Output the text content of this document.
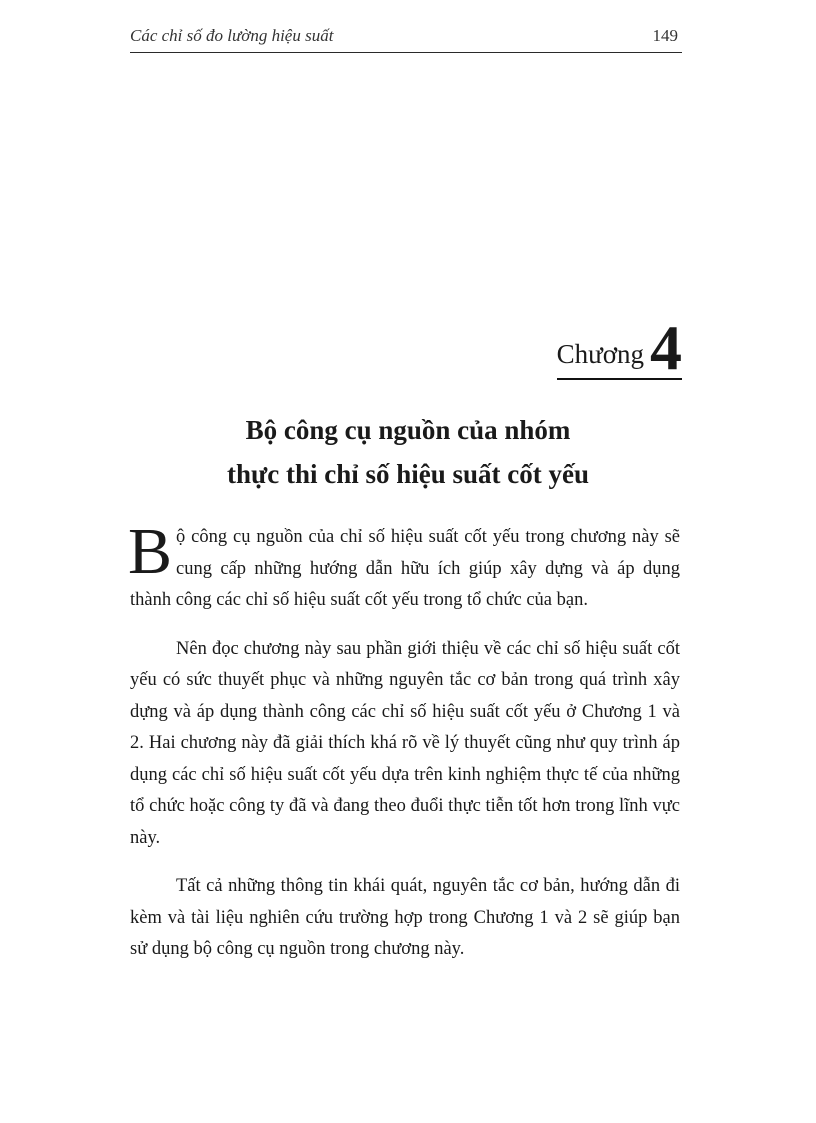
Các chỉ số đo lường hiệu suất	149
Chương 4
Bộ công cụ nguồn của nhóm
thực thi chỉ số hiệu suất cốt yếu

Bộ công cụ nguồn của chỉ số hiệu suất cốt yếu trong chương này sẽ cung cấp những hướng dẫn hữu ích giúp xây dựng và áp dụng thành công các chỉ số hiệu suất cốt yếu trong tổ chức của bạn.

Nên đọc chương này sau phần giới thiệu về các chỉ số hiệu suất cốt yếu có sức thuyết phục và những nguyên tắc cơ bản trong quá trình xây dựng và áp dụng thành công các chỉ số hiệu suất cốt yếu ở Chương 1 và 2. Hai chương này đã giải thích khá rõ về lý thuyết cũng như quy trình áp dụng các chỉ số hiệu suất cốt yếu dựa trên kinh nghiệm thực tế của những tổ chức hoặc công ty đã và đang theo đuổi thực tiễn tốt hơn trong lĩnh vực này.

Tất cả những thông tin khái quát, nguyên tắc cơ bản, hướng dẫn đi kèm và tài liệu nghiên cứu trường hợp trong Chương 1 và 2 sẽ giúp bạn sử dụng bộ công cụ nguồn trong chương này.
